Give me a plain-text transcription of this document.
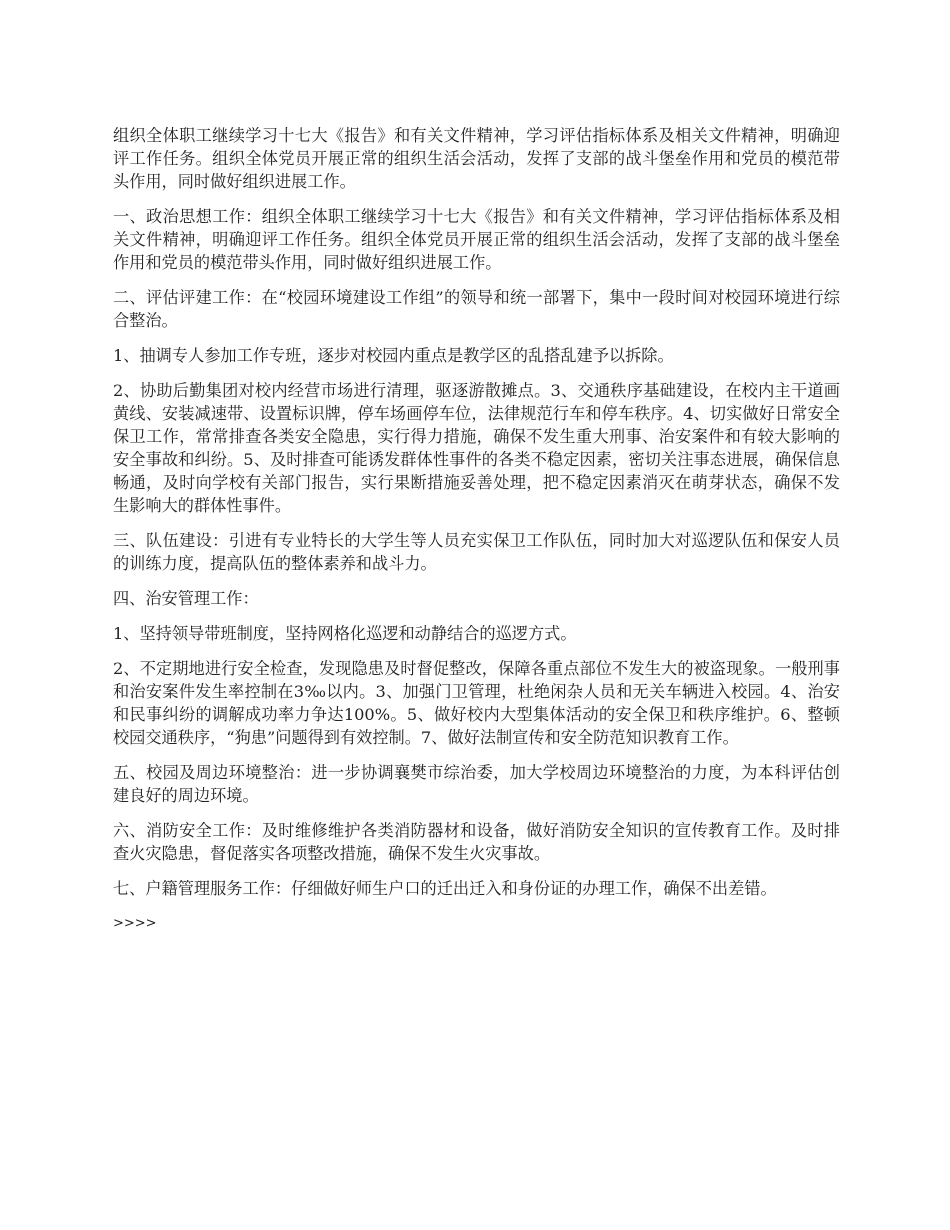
组织全体职工继续学习十七大《报告》和有关文件精神，学习评估指标体系及相关文件精神，明确迎评工作任务。组织全体党员开展正常的组织生活会活动，发挥了支部的战斗堡垒作用和党员的模范带头作用，同时做好组织进展工作。

一、政治思想工作：组织全体职工继续学习十七大《报告》和有关文件精神，学习评估指标体系及相关文件精神，明确迎评工作任务。组织全体党员开展正常的组织生活会活动，发挥了支部的战斗堡垒作用和党员的模范带头作用，同时做好组织进展工作。

二、评估评建工作：在“校园环境建设工作组”的领导和统一部署下，集中一段时间对校园环境进行综合整治。

1、抽调专人参加工作专班，逐步对校园内重点是教学区的乱搭乱建予以拆除。

2、协助后勤集团对校内经营市场进行清理，驱逐游散摊点。3、交通秩序基础建设，在校内主干道画黄线、安装减速带、设置标识牌，停车场画停车位，法律规范行车和停车秩序。4、切实做好日常安全保卫工作，常常排查各类安全隐患，实行得力措施，确保不发生重大刑事、治安案件和有较大影响的安全事故和纠纷。5、及时排查可能诱发群体性事件的各类不稳定因素，密切关注事态进展，确保信息畅通，及时向学校有关部门报告，实行果断措施妥善处理，把不稳定因素消灭在萌芽状态，确保不发生影响大的群体性事件。

三、队伍建设：引进有专业特长的大学生等人员充实保卫工作队伍，同时加大对巡逻队伍和保安人员的训练力度，提高队伍的整体素养和战斗力。

四、治安管理工作：

1、坚持领导带班制度，坚持网格化巡逻和动静结合的巡逻方式。

2、不定期地进行安全检查，发现隐患及时督促整改，保障各重点部位不发生大的被盗现象。一般刑事和治安案件发生率控制在3‰以内。3、加强门卫管理，杜绝闲杂人员和无关车辆进入校园。4、治安和民事纠纷的调解成功率力争达100%。5、做好校内大型集体活动的安全保卫和秩序维护。6、整顿校园交通秩序，“狗患”问题得到有效控制。7、做好法制宣传和安全防范知识教育工作。

五、校园及周边环境整治：进一步协调襄樊市综治委，加大学校周边环境整治的力度，为本科评估创建良好的周边环境。

六、消防安全工作：及时维修维护各类消防器材和设备，做好消防安全知识的宣传教育工作。及时排查火灾隐患，督促落实各项整改措施，确保不发生火灾事故。

七、户籍管理服务工作：仔细做好师生户口的迁出迁入和身份证的办理工作，确保不出差错。

>>>>
